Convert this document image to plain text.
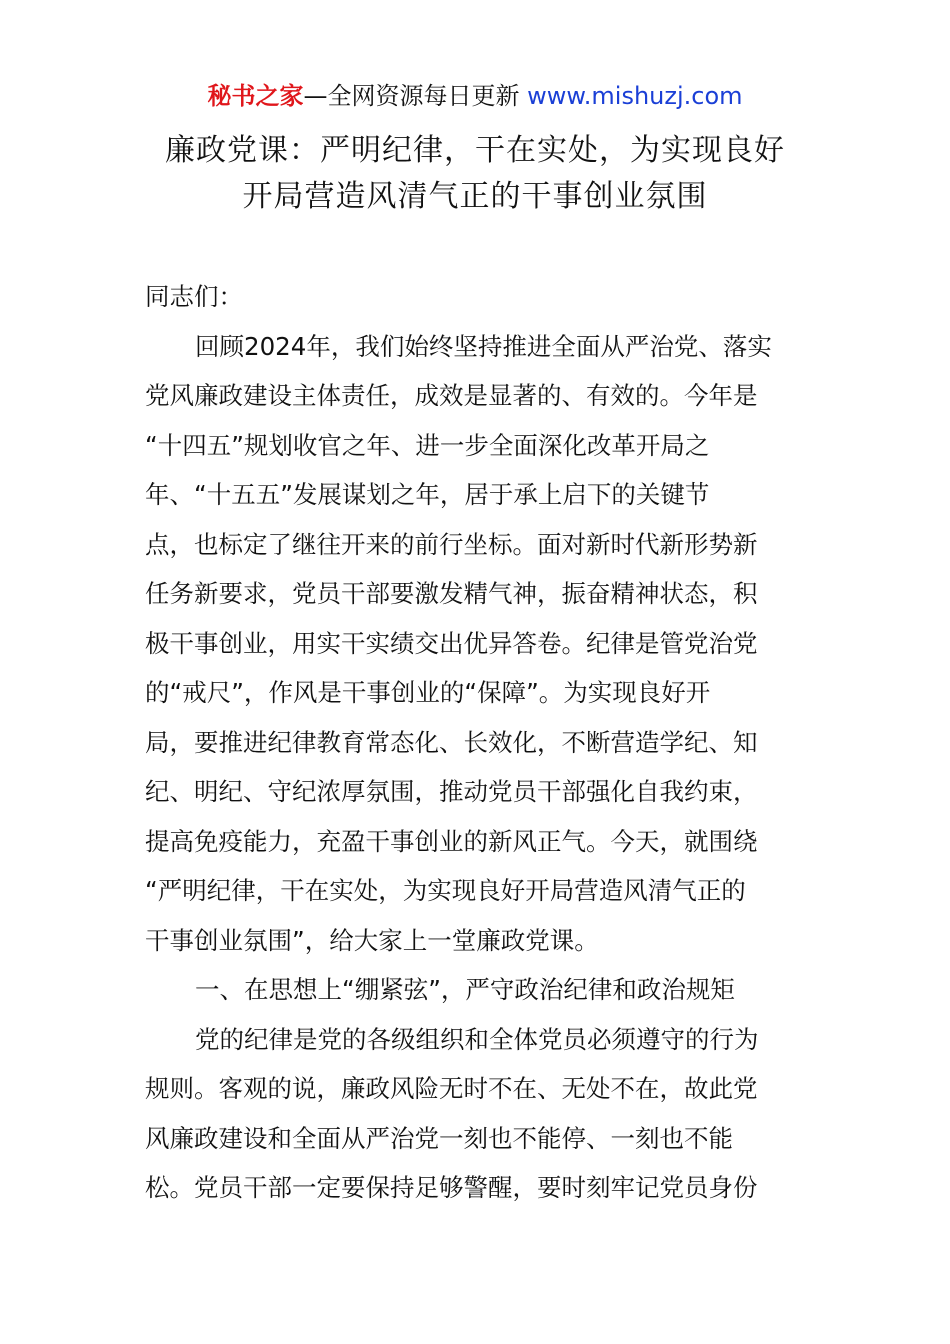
秘书之家—全网资源每日更新 www.mishuzj.com
廉政党课：严明纪律，干在实处，为实现良好
开局营造风清气正的干事创业氛围
同志们：
回顾2024年，我们始终坚持推进全面从严治党、落实
党风廉政建设主体责任，成效是显著的、有效的。今年是
“十四五”规划收官之年、进一步全面深化改革开局之
年、“十五五”发展谋划之年，居于承上启下的关键节
点，也标定了继往开来的前行坐标。面对新时代新形势新
任务新要求，党员干部要激发精气神，振奋精神状态，积
极干事创业，用实干实绩交出优异答卷。纪律是管党治党
的“戒尺”，作风是干事创业的“保障”。为实现良好开
局，要推进纪律教育常态化、长效化，不断营造学纪、知
纪、明纪、守纪浓厚氛围，推动党员干部强化自我约束，
提高免疫能力，充盈干事创业的新风正气。今天，就围绕
“严明纪律，干在实处，为实现良好开局营造风清气正的
干事创业氛围”，给大家上一堂廉政党课。
一、在思想上“绷紧弦”，严守政治纪律和政治规矩
党的纪律是党的各级组织和全体党员必须遵守的行为
规则。客观的说，廉政风险无时不在、无处不在，故此党
风廉政建设和全面从严治党一刻也不能停、一刻也不能
松。党员干部一定要保持足够警醒，要时刻牢记党员身份
